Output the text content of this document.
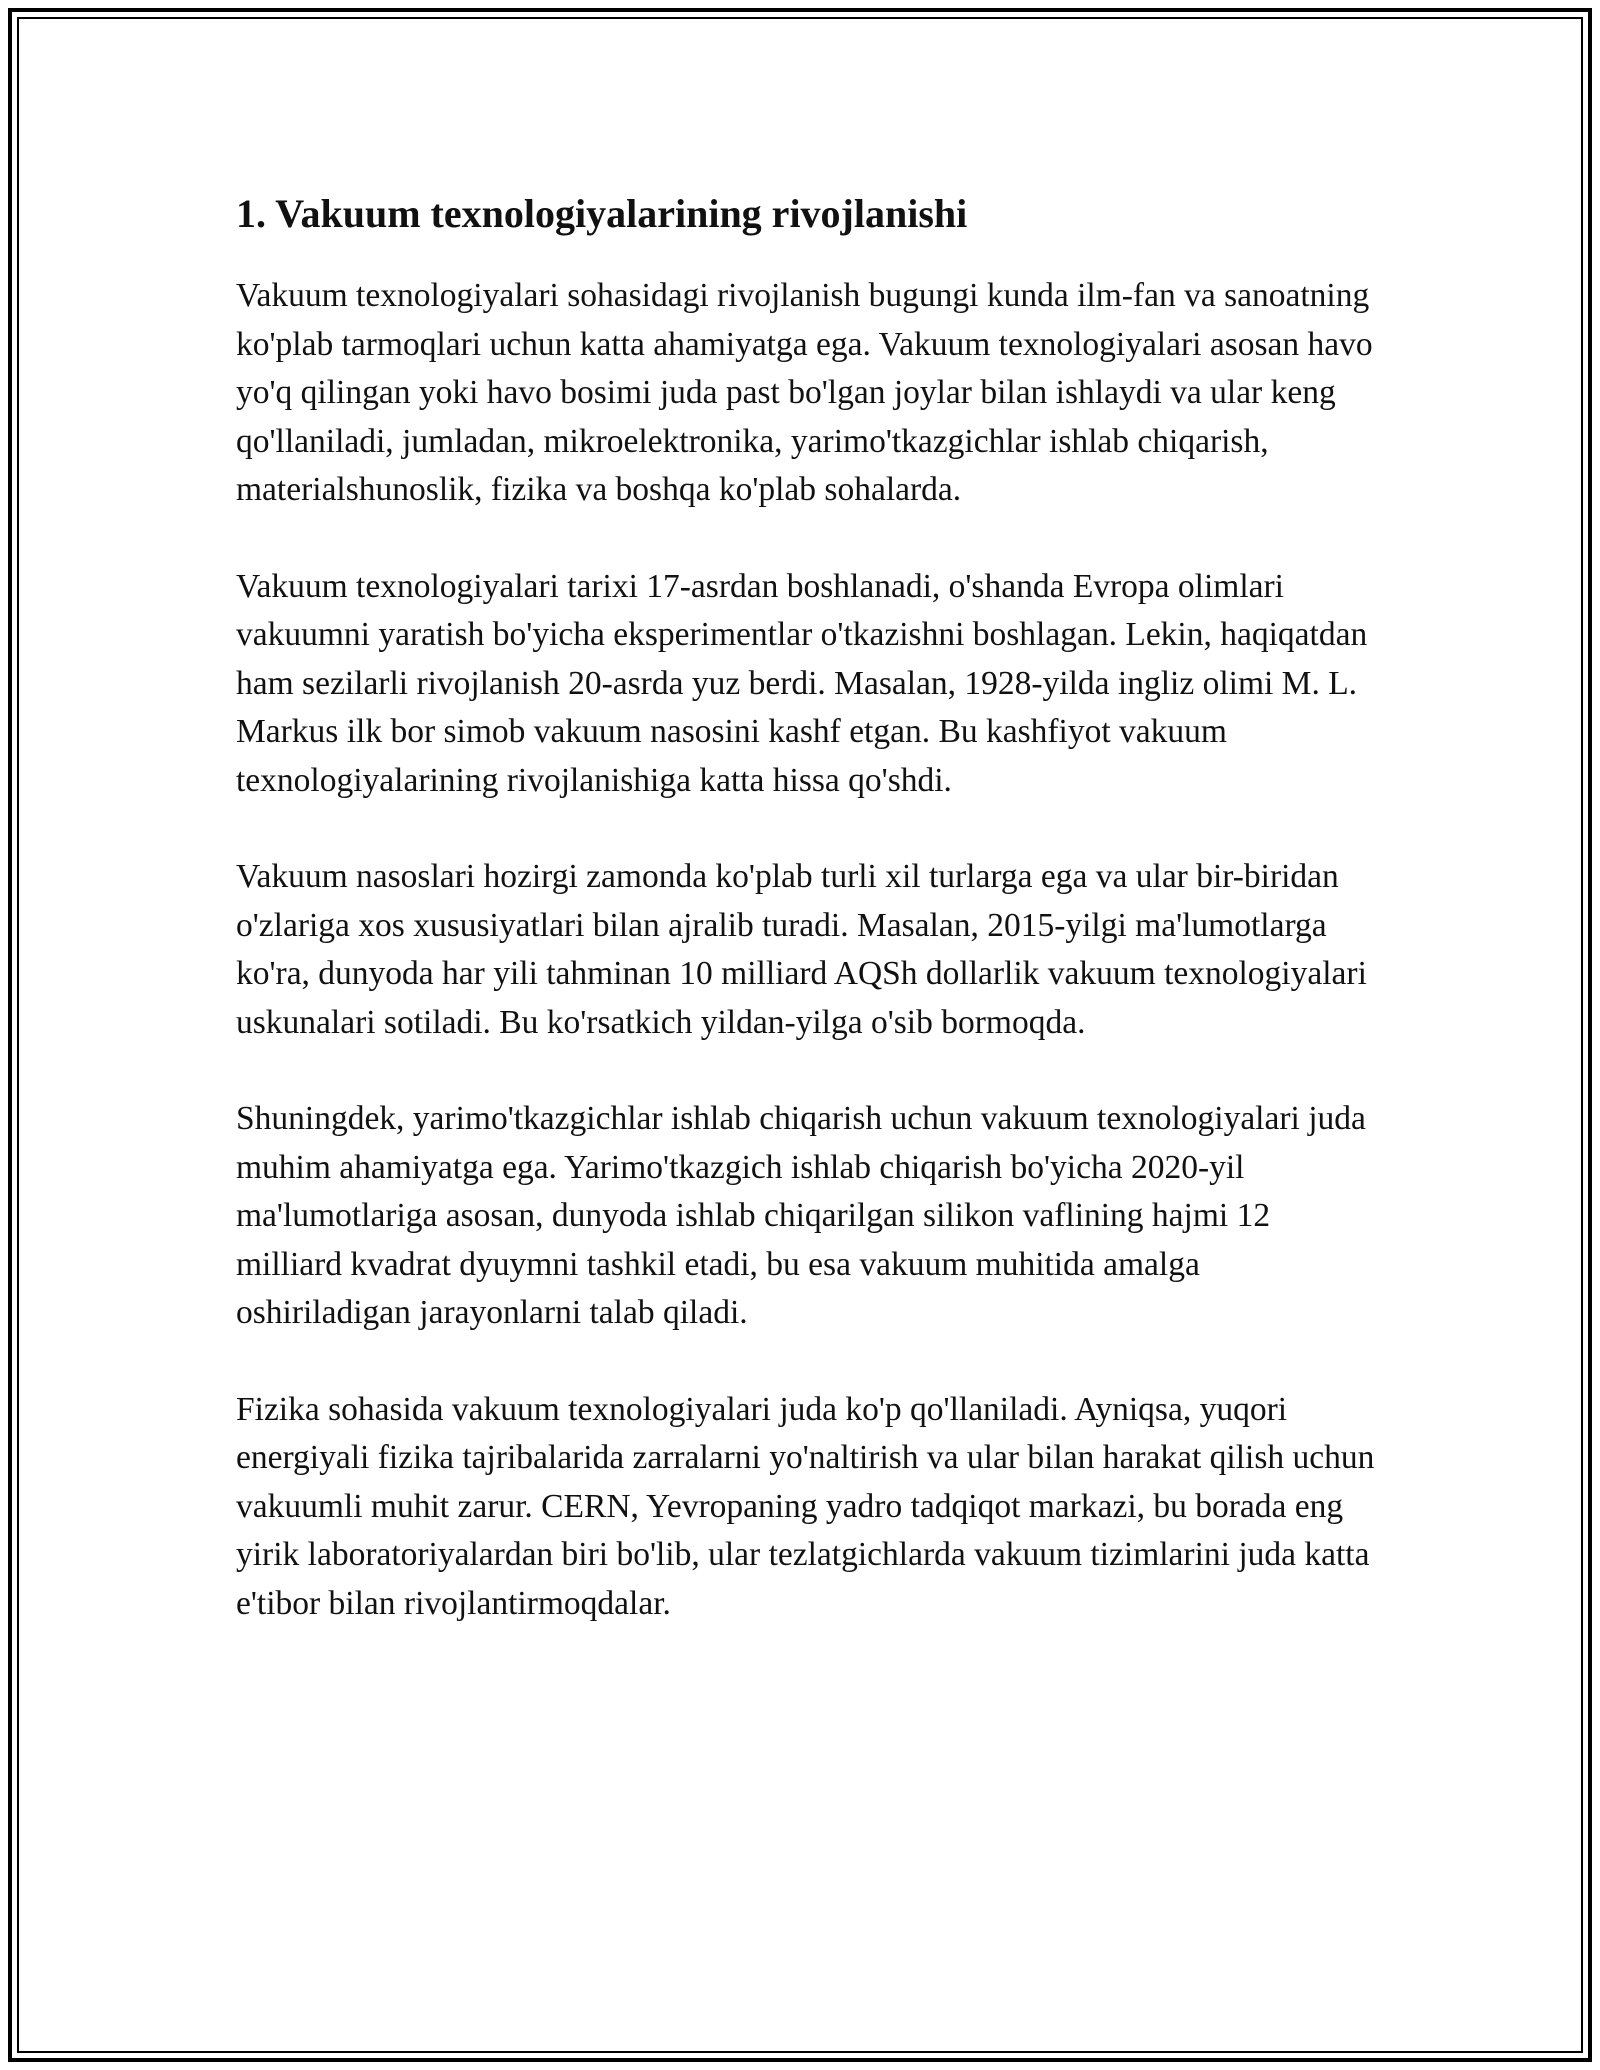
1. Vakuum texnologiyalarining rivojlanishi

Vakuum texnologiyalari sohasidagi rivojlanish bugungi kunda ilm-fan va sanoatning ko'plab tarmoqlari uchun katta ahamiyatga ega. Vakuum texnologiyalari asosan havo yo'q qilingan yoki havo bosimi juda past bo'lgan joylar bilan ishlaydi va ular keng qo'llaniladi, jumladan, mikroelektronika, yarimo'tkazgichlar ishlab chiqarish, materialshunoslik, fizika va boshqa ko'plab sohalarda.

Vakuum texnologiyalari tarixi 17-asrdan boshlanadi, o'shanda Evropa olimlari vakuumni yaratish bo'yicha eksperimentlar o'tkazishni boshlagan. Lekin, haqiqatdan ham sezilarli rivojlanish 20-asrda yuz berdi. Masalan, 1928-yilda ingliz olimi M. L. Markus ilk bor simob vakuum nasosini kashf etgan. Bu kashfiyot vakuum texnologiyalarining rivojlanishiga katta hissa qo'shdi.

Vakuum nasoslari hozirgi zamonda ko'plab turli xil turlarga ega va ular bir-biridan o'zlariga xos xususiyatlari bilan ajralib turadi. Masalan, 2015-yilgi ma'lumotlarga ko'ra, dunyoda har yili tahminan 10 milliard AQSh dollarlik vakuum texnologiyalari uskunalari sotiladi. Bu ko'rsatkich yildan-yilga o'sib bormoqda.

Shuningdek, yarimo'tkazgichlar ishlab chiqarish uchun vakuum texnologiyalari juda muhim ahamiyatga ega. Yarimo'tkazgich ishlab chiqarish bo'yicha 2020-yil ma'lumotlariga asosan, dunyoda ishlab chiqarilgan silikon vaflining hajmi 12 milliard kvadrat dyuymni tashkil etadi, bu esa vakuum muhitida amalga oshiriladigan jarayonlarni talab qiladi.

Fizika sohasida vakuum texnologiyalari juda ko'p qo'llaniladi. Ayniqsa, yuqori energiyali fizika tajribalarida zarralarni yo'naltirish va ular bilan harakat qilish uchun vakuumli muhit zarur. CERN, Yevropaning yadro tadqiqot markazi, bu borada eng yirik laboratoriyalardan biri bo'lib, ular tezlatgichlarda vakuum tizimlarini juda katta e'tibor bilan rivojlantirmoqdalar.
